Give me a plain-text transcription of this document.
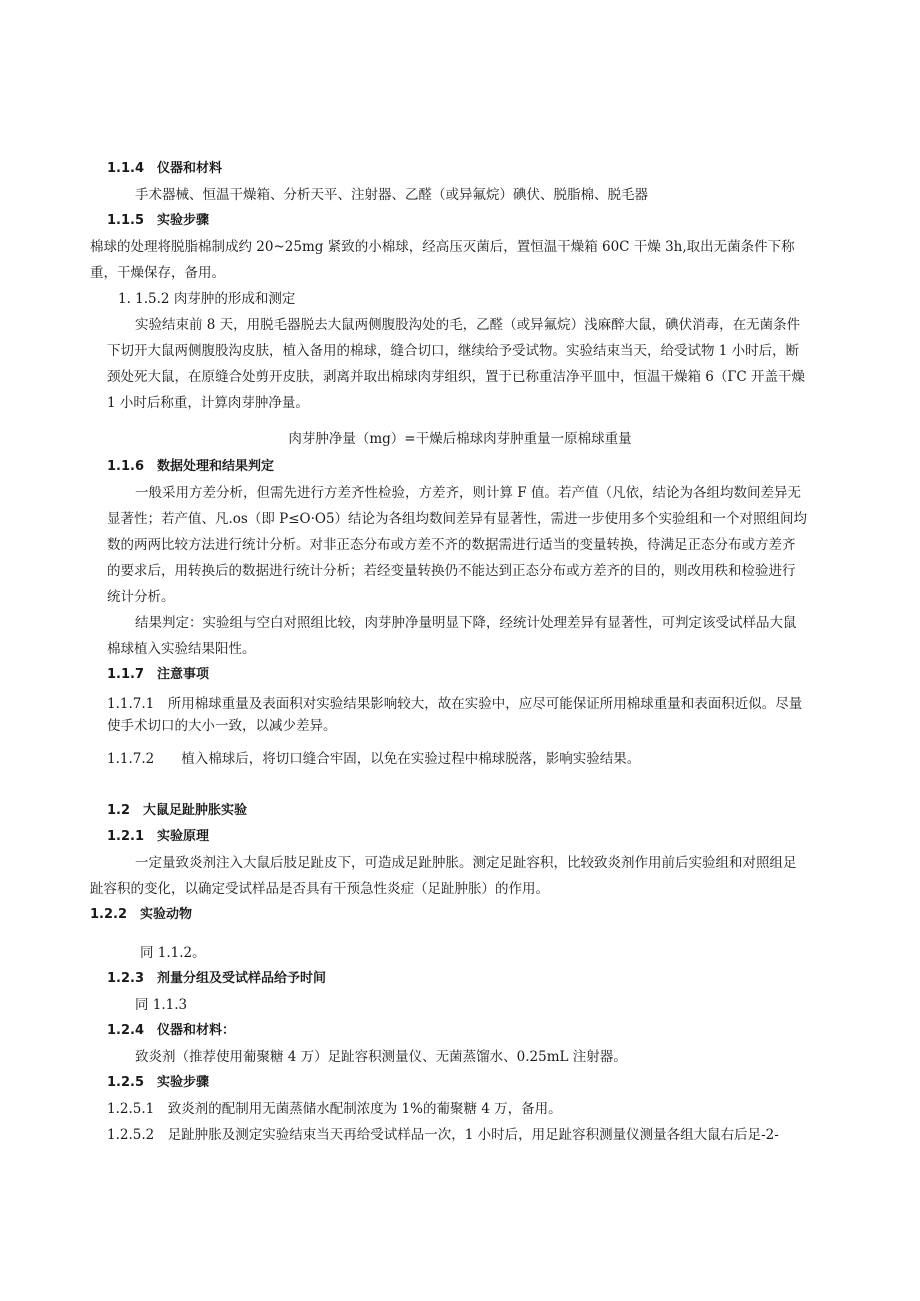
1.1.4　仪器和材料
手术器械、恒温干燥箱、分析天平、注射器、乙醛（或异氟烷）碘伏、脱脂棉、脱毛器
1.1.5　实验步骤
棉球的处理将脱脂棉制成约 20~25mg 紧致的小棉球，经高压灭菌后，置恒温干燥箱 60C 干燥 3h,取出无菌条件下称
重，干燥保存，备用。
1. 1.5.2 肉芽肿的形成和测定
实验结束前 8 天，用脱毛器脱去大鼠两侧腹股沟处的毛，乙醛（或异氟烷）浅麻醉大鼠，碘伏消毒，在无菌条件
下切开大鼠两侧腹股沟皮肤，植入备用的棉球，缝合切口，继续给予受试物。实验结束当天，给受试物 1 小时后，断
颈处死大鼠，在原缝合处剪开皮肤，剥离并取出棉球肉芽组织，置于已称重洁净平皿中，恒温干燥箱 6（ГС 开盖干燥
1 小时后称重，计算肉芽肿净量。
肉芽肿净量（mg）=干燥后棉球肉芽肿重量一原棉球重量
1.1.6　数据处理和结果判定
一般采用方差分析，但需先进行方差齐性检验，方差齐，则计算 F 值。若产值（凡依，结论为各组均数间差异无
显著性；若产值、凡.os（即 P≤O·O5）结论为各组均数间差异有显著性，需进一步使用多个实验组和一个对照组间均
数的两两比较方法进行统计分析。对非正态分布或方差不齐的数据需进行适当的变量转换，待满足正态分布或方差齐
的要求后，用转换后的数据进行统计分析；若经变量转换仍不能达到正态分布或方差齐的目的，则改用秩和检验进行
统计分析。
结果判定：实验组与空白对照组比较，肉芽肿净量明显下降，经统计处理差异有显著性，可判定该受试样品大鼠
棉球植入实验结果阳性。
1.1.7　注意事项
1.1.7.1　所用棉球重量及表面积对实验结果影响较大，故在实验中，应尽可能保证所用棉球重量和表面积近似。尽量
使手术切口的大小一致，以减少差异。
1.1.7.2　　植入棉球后，将切口缝合牢固，以免在实验过程中棉球脱落，影响实验结果。
1.2　大鼠足趾肿胀实验
1.2.1　实验原理
一定量致炎剂注入大鼠后肢足趾皮下，可造成足趾肿胀。测定足趾容积，比较致炎剂作用前后实验组和对照组足
趾容积的变化，以确定受试样品是否具有干预急性炎症（足趾肿胀）的作用。
1.2.2　实验动物
同 1.1.2。
1.2.3　剂量分组及受试样品给予时间
同 1.1.3
1.2.4　仪器和材料：
致炎剂（推荐使用葡聚糖 4 万）足趾容积测量仪、无菌蒸馏水、0.25mL 注射器。
1.2.5　实验步骤
1.2.5.1　致炎剂的配制用无菌蒸储水配制浓度为 1%的葡聚糖 4 万，备用。
1.2.5.2　足趾肿胀及测定实验结束当天再给受试样品一次，1 小时后，用足趾容积测量仪测量各组大鼠右后足-2-
